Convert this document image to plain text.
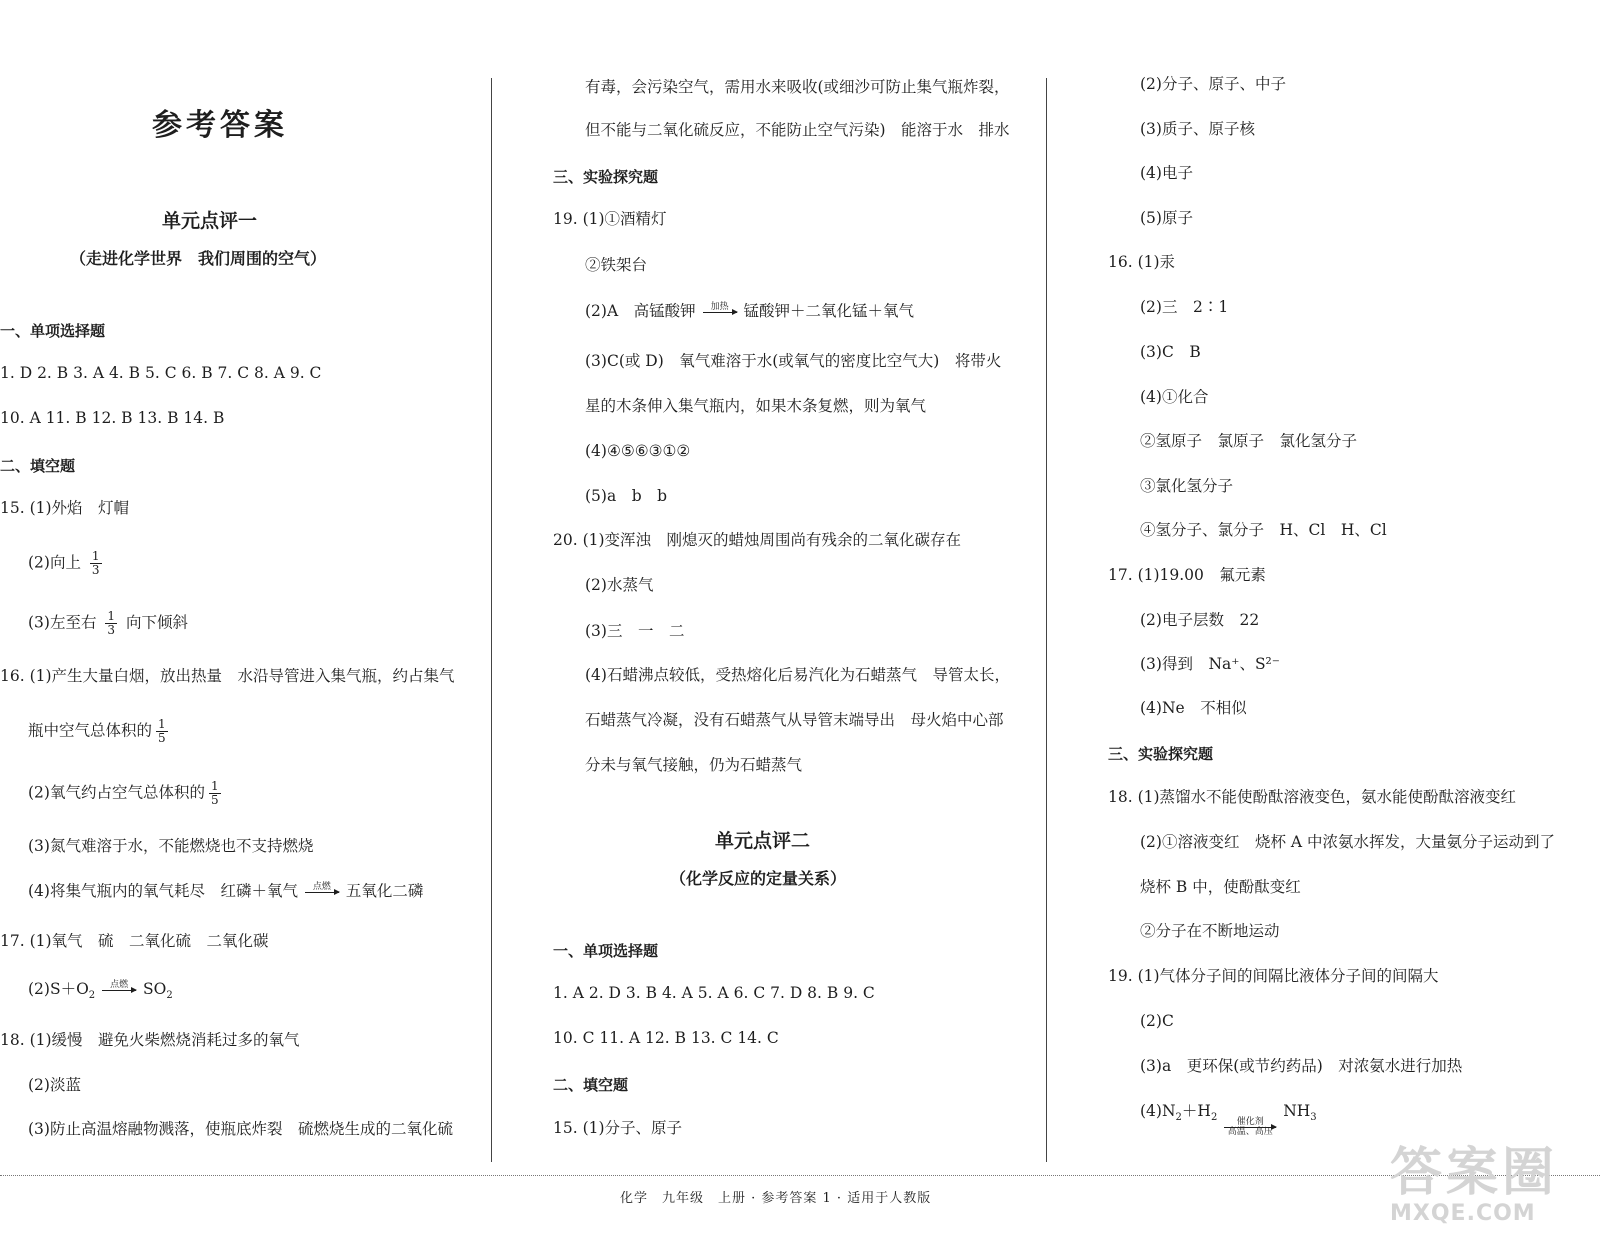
参考答案
单元点评一
（走进化学世界　我们周围的空气）
一、单项选择题
1. D 2. B 3. A 4. B 5. C 6. B 7. C 8. A 9. C
10. A 11. B 12. B 13. B 14. B
二、填空题
15. (1)外焰　灯帽
(2)向上 $\frac{1}{3}$
(3)左至右 $\frac{1}{3}$ 向下倾斜
16. (1)产生大量白烟，放出热量　水沿导管进入集气瓶，约占集气
瓶中空气总体积的 $\frac{1}{5}$
(2)氧气约占空气总体积的 $\frac{1}{5}$
(3)氮气难溶于水，不能燃烧也不支持燃烧
(4)将集气瓶内的氧气耗尽　红磷＋氧气 点燃
五氧化二磷
17. (1)氧气　硫　二氧化硫　二氧化碳
$(2)S+O_2$
点燃
$SO_2$
18. (1)缓慢　避免火柴燃烧消耗过多的氧气
(2)淡蓝
(3)防止高温熔融物溅落，使瓶底炸裂　硫燃烧生成的二氧化硫
有毒，会污染空气，需用水来吸收(或细沙可防止集气瓶炸裂，
但不能与二氧化硫反应，不能防止空气污染)　能溶于水　排水
三、实验探究题
19. (1)①酒精灯
②铁架台
(2)A　高锰酸钾 加热
锰酸钾＋二氧化锰＋氧气
(3)C(或 D)　氧气难溶于水(或氧气的密度比空气大)　将带火
星的木条伸入集气瓶内，如果木条复燃，则为氧气
(4)④⑤⑥③①②
(5)a　b　b
20. (1)变浑浊　刚熄灭的蜡烛周围尚有残余的二氧化碳存在
(2)水蒸气
(3)三　一　二
(4)石蜡沸点较低，受热熔化后易汽化为石蜡蒸气　导管太长，
石蜡蒸气冷凝，没有石蜡蒸气从导管末端导出　母火焰中心部
分未与氧气接触，仍为石蜡蒸气
单元点评二
（化学反应的定量关系）
一、单项选择题
1. A 2. D 3. B 4. A 5. A 6. C 7. D 8. B 9. C
10. C 11. A 12. B 13. C 14. C
二、填空题
15. (1)分子、原子
(2)分子、原子、中子
(3)质子、原子核
(4)电子
(5)原子
16. (1)汞
(2)三　2∶1
(3)C　B
(4)①化合
②氢原子　氯原子　氯化氢分子
③氯化氢分子
④氢分子、氯分子　H、Cl　H、Cl
17. (1)19.00　氟元素
(2)电子层数　22
(3)得到　Na⁺、S²⁻
(4)Ne　不相似
三、实验探究题
18. (1)蒸馏水不能使酚酞溶液变色，氨水能使酚酞溶液变红
(2)①溶液变红　烧杯 A 中浓氨水挥发，大量氨分子运动到了
烧杯 B 中，使酚酞变红
②分子在不断地运动
19. (1)气体分子间的间隔比液体分子间的间隔大
(2)C
(3)a　更环保(或节约药品)　对浓氨水进行加热
$(4)N_2+H_2$ 催化剂
高温、高压
$NH_3$
化学　九年级　上册 · 参考答案 1 · 适用于人教版	答案圈
MXQE.COM
